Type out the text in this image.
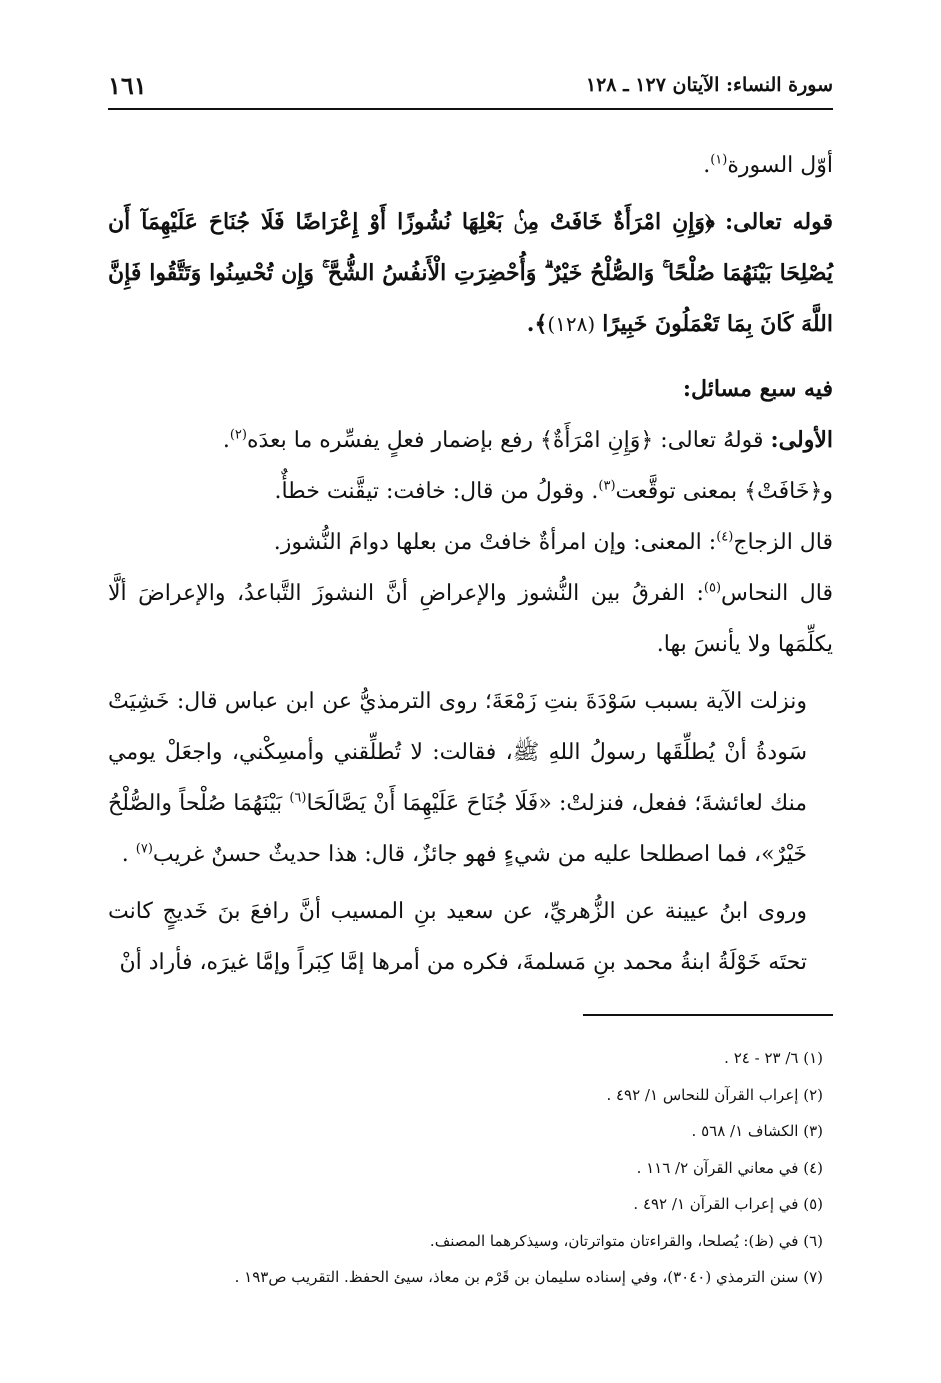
سورة النساء: الآيتان ١٢٧ ـ ١٢٨
١٦١

أوّل السورة$^{(١)}$.

قوله تعالى: ﴿وَإِنِ امْرَأَةٌ خَافَتْ مِنۢ بَعْلِهَا نُشُوزًا أَوْ إِعْرَاضًا فَلَا جُنَاحَ عَلَيْهِمَآ أَن يُصْلِحَا بَيْنَهُمَا صُلْحًا ۚ وَالصُّلْحُ خَيْرٌ ۗ وَأُحْضِرَتِ الْأَنفُسُ الشُّحَّ ۚ وَإِن تُحْسِنُوا وَتَتَّقُوا فَإِنَّ اللَّهَ كَانَ بِمَا تَعْمَلُونَ خَبِيرًا (١٢٨)﴾.

فيه سبع مسائل:

الأولى: قولهُ تعالى: ﴿وَإِنِ امْرَأَةٌ﴾ رفع بإضمار فعلٍ يفسِّره ما بعدَه$^{(٢)}$.

و﴿خَافَتْ﴾ بمعنى توقَّعت$^{(٣)}$. وقولُ من قال: خافت: تيقَّنت خطأٌ.

قال الزجاج$^{(٤)}$: المعنى: وإن امرأةٌ خافتْ من بعلها دوامَ النُّشوز.

قال النحاس$^{(٥)}$: الفرقُ بين النُّشوز والإعراضِ أنَّ النشوزَ التَّباعدُ، والإعراضَ ألَّا يكلِّمَها ولا يأنسَ بها.

ونزلت الآية بسبب سَوْدَةَ بنتِ زَمْعَةَ؛ روى الترمذيُّ عن ابن عباس قال: خَشِيَتْ سَودةُ أنْ يُطلِّقَها رسولُ اللهِ ﷺ، فقالت: لا تُطلِّقني وأمسِكْني، واجعَلْ يومي منك لعائشةَ؛ ففعل، فنزلتْ: «فَلَا جُنَاحَ عَلَيْهِمَا أَنْ يَصَّالَحَا$^{(٦)}$ بَيْنَهُمَا صُلْحاً والصُّلْحُ خَيْرٌ»، فما اصطلحا عليه من شيءٍ فهو جائزٌ، قال: هذا حديثٌ حسنٌ غريب$^{(٧)}$ .

وروى ابنُ عيينة عن الزُّهريِّ، عن سعيد بنِ المسيب أنَّ رافعَ بنَ خَديجٍ كانت تحتَه خَوْلَةُ ابنةُ محمد بنِ مَسلمةَ، فكره من أمرها إمَّا كِبَراً وإمَّا غيرَه، فأراد أنْ

(١) ٦/ ٢٣ - ٢٤ .
(٢) إعراب القرآن للنحاس ١/ ٤٩٢ .
(٣) الكشاف ١/ ٥٦٨ .
(٤) في معاني القرآن ٢/ ١١٦ .
(٥) في إعراب القرآن ١/ ٤٩٢ .
(٦) في (ظ): يُصلحا، والقراءتان متواترتان، وسيذكرهما المصنف.
(٧) سنن الترمذي (٣٠٤٠)، وفي إسناده سليمان بن قَرْم بن معاذ، سيئ الحفظ. التقريب ص١٩٣ .
